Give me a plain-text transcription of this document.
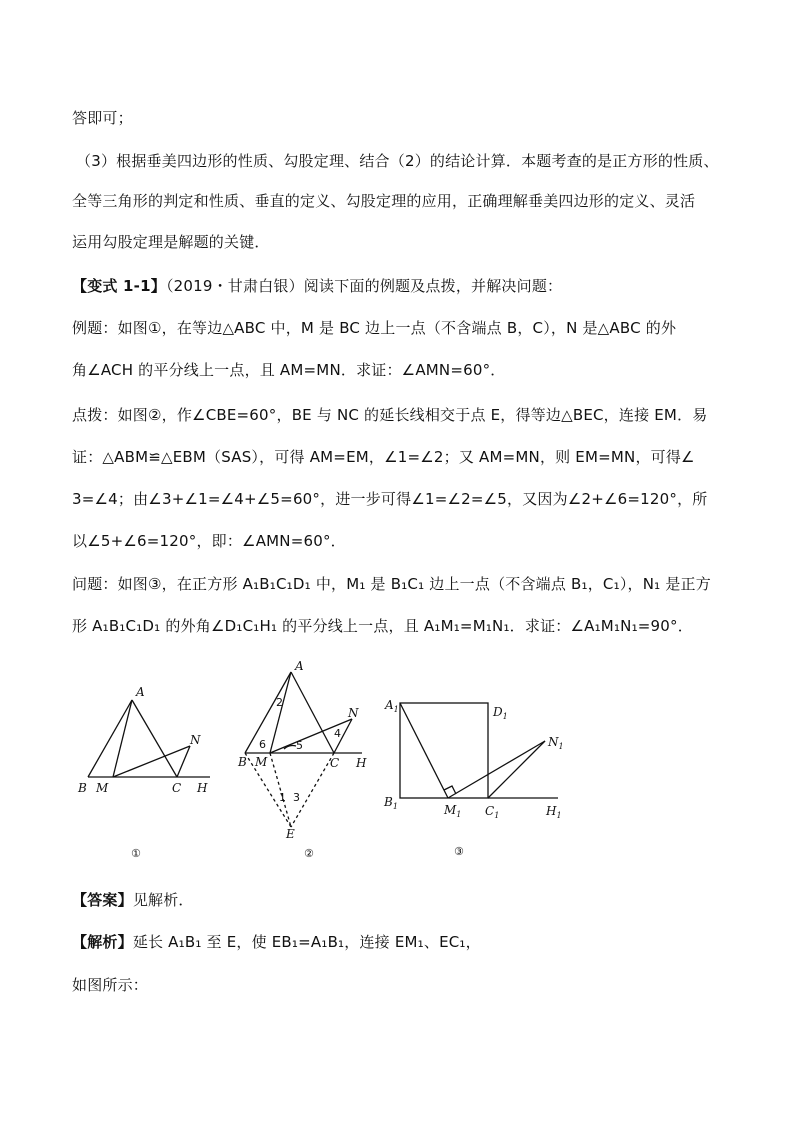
答即可；
（3）根据垂美四边形的性质、勾股定理、结合（2）的结论计算．本题考查的是正方形的性质、
全等三角形的判定和性质、垂直的定义、勾股定理的应用，正确理解垂美四边形的定义、灵活
运用勾股定理是解题的关键．
【变式 1-1】（2019・甘肃白银）阅读下面的例题及点拨，并解决问题：
例题：如图①，在等边△ABC 中，M 是 BC 边上一点（不含端点 B，C），N 是△ABC 的外
角∠ACH 的平分线上一点，且 AM=MN．求证：∠AMN=60°．
点拨：如图②，作∠CBE=60°，BE 与 NC 的延长线相交于点 E，得等边△BEC，连接 EM．易
证：△ABM≌△EBM（SAS），可得 AM=EM，∠1=∠2；又 AM=MN，则 EM=MN，可得∠
3=∠4；由∠3+∠1=∠4+∠5=60°，进一步可得∠1=∠2=∠5，又因为∠2+∠6=120°，所
以∠5+∠6=120°，即：∠AMN=60°．
问题：如图③，在正方形 A₁B₁C₁D₁ 中，M₁ 是 B₁C₁ 边上一点（不含端点 B₁，C₁），N₁ 是正方
形 A₁B₁C₁D₁ 的外角∠D₁C₁H₁ 的平分线上一点，且 A₁M₁=M₁N₁．求证：∠A₁M₁N₁=90°．
A
B M	C H
N
①
A
B M	C H
N
E
1
2
3
4
5
6
②
$A_1$	$D_1$
$B_1$	$M_1$ $C_1$	$H_1$
$N_1$
③
【答案】见解析．
【解析】延长 A₁B₁ 至 E，使 EB₁=A₁B₁，连接 EM₁、EC₁，
如图所示：
